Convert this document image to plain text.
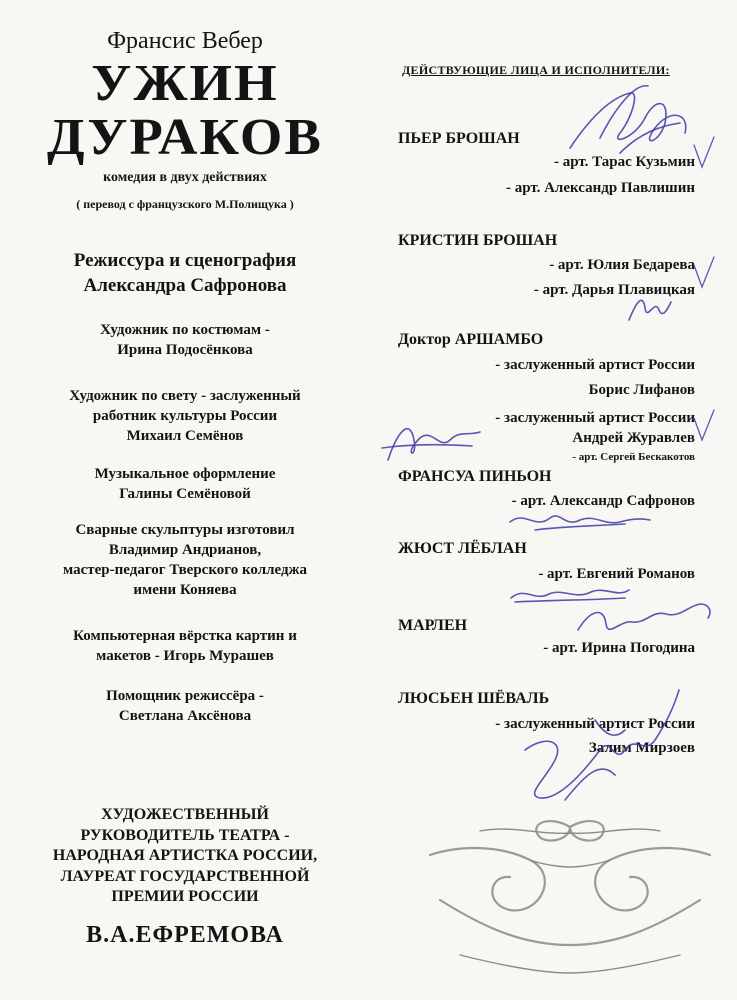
Франсис Вебер
УЖИН
ДУРАКОВ
комедия в двух действиях
( перевод с французского М.Полищука )
Режиссура и сценография
Александра Сафронова
Художник по костюмам -
Ирина Подосёнкова
Художник по свету - заслуженный
работник культуры России
Михаил Семёнов
Музыкальное оформление
Галины Семёновой
Сварные скульптуры изготовил
Владимир Андрианов,
мастер-педагог Тверского колледжа
имени Коняева
Компьютерная вёрстка картин и
макетов - Игорь Мурашев
Помощник режиссёра -
Светлана Аксёнова
ХУДОЖЕСТВЕННЫЙ
РУКОВОДИТЕЛЬ ТЕАТРА -
НАРОДНАЯ АРТИСТКА РОССИИ,
ЛАУРЕАТ ГОСУДАРСТВЕННОЙ
ПРЕМИИ РОССИИ
В.А.ЕФРЕМОВА
ДЕЙСТВУЮЩИЕ ЛИЦА И ИСПОЛНИТЕЛИ:
ПЬЕР БРОШАН
- арт. Тарас Кузьмин
- арт. Александр Павлишин
КРИСТИН БРОШАН
- арт. Юлия Бедарева
- арт. Дарья Плавицкая
Доктор АРШАМБО
- заслуженный артист России
Борис Лифанов
- заслуженный артист России
Андрей Журавлев
- арт. Сергей Бескакотов
ФРАНСУА ПИНЬОН
- арт. Александр Сафронов
ЖЮСТ ЛЁБЛАН
- арт. Евгений Романов
МАРЛЕН
- арт. Ирина Погодина
ЛЮСЬЕН ШЁВАЛЬ
- заслуженный артист России
Залим Мирзоев
